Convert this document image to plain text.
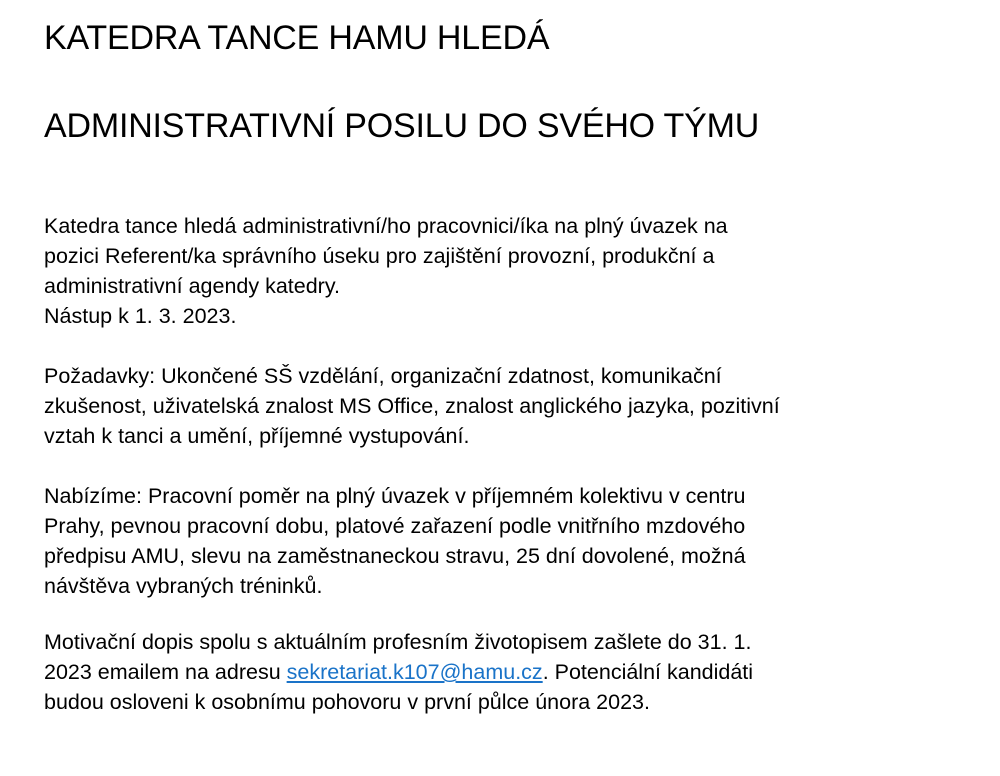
KATEDRA TANCE HAMU HLEDÁ
ADMINISTRATIVNÍ POSILU DO SVÉHO TÝMU

Katedra tance hledá administrativní/ho pracovnici/íka na plný úvazek na
pozici Referent/ka správního úseku pro zajištění provozní, produkční a
administrativní agendy katedry.
Nástup k 1. 3. 2023.

Požadavky: Ukončené SŠ vzdělání, organizační zdatnost, komunikační
zkušenost, uživatelská znalost MS Office, znalost anglického jazyka, pozitivní
vztah k tanci a umění, příjemné vystupování.

Nabízíme: Pracovní poměr na plný úvazek v příjemném kolektivu v centru
Prahy, pevnou pracovní dobu, platové zařazení podle vnitřního mzdového
předpisu AMU, slevu na zaměstnaneckou stravu, 25 dní dovolené, možná
návštěva vybraných tréninků.

Motivační dopis spolu s aktuálním profesním životopisem zašlete do 31. 1.
2023 emailem na adresu sekretariat.k107@hamu.cz. Potenciální kandidáti
budou osloveni k osobnímu pohovoru v první půlce února 2023.
